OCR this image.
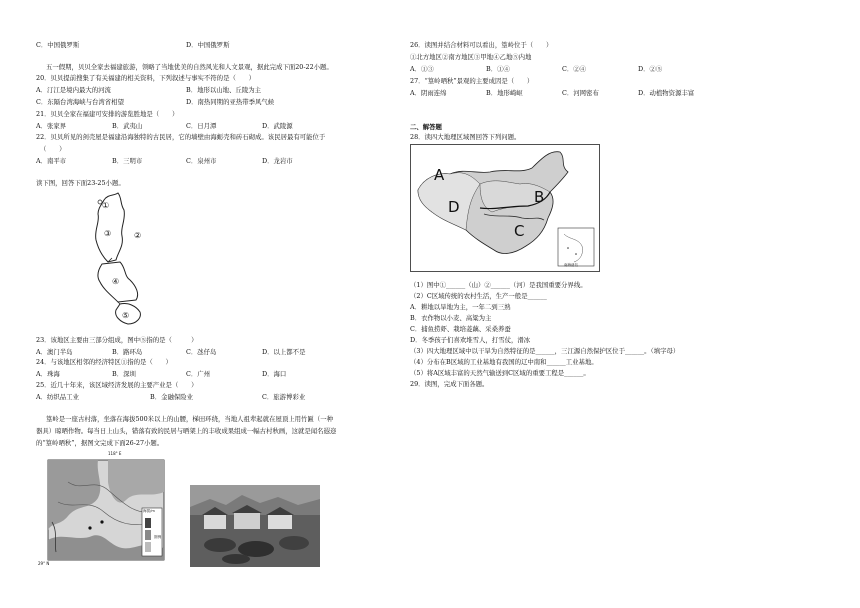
C．中国俄罗斯	D．中国俄罗斯
五一假期，贝贝全家去福建旅游，领略了当地优美的自然风光和人文景观，据此完成下面20-22小题。
20．贝贝提前搜集了有关福建的相关资料，下列叙述与事实不符的是（　　）
A．汀江是境内最大的河流	B．地形以山地、丘陵为主
C．东隔台湾海峡与台湾省相望	D．南热同期的亚热带季风气候
21．贝贝全家在福建可安排的游览胜地是（　　）
A．张家界	B．武夷山	C．日月潭	D．武陵源
22．贝贝所见的剑壳屋是福建沿海独特的古民居，它的墙壁由海蛎壳和砖石砌成。该民居最有可能位于
（　　）
A．南平市	B．三明市	C．泉州市	D．龙岩市
读下图，回答下面23-25小题。
①
②
③
④
⑤
23．该地区主要由三部分组成，图中⑤指的是（　　　）
A．澳门半岛	B．路环岛	C．氹仔岛	D．以上都不是
24．与该地区相邻的经济特区①指的是（　　）
A．珠海	B．深圳	C．广州	D．海口
25．近几十年来，该区域经济发展的主要产业是（　　）
A．纺织品工业	B．金融保险业	C．旅游博彩业
篁岭是一座古村落，坐落在海拔500米以上的山腰，梯田环绕，当地人祖辈起就在屋顶上用竹匾（一种
器具）晾晒作物。每当日上山头，错落有致的民居与晒架上的丰收成果组成一幅古村秋画，这就是闻名遐迩
的“篁岭晒秋”，据图文完成下面26-27小题。
118° E
29° N
海拔/m
图例
26．读图并结合材料可以看出，篁岭位于（　　）
①北方地区②南方地区③甲地④乙地⑤内地
A．①③	B．①④	C．②④	D．②⑤
27．“篁岭晒秋”景观的主要成因是（　　）
A．阴雨连绵	B．地形崎岖	C．河网密布	D．动植物资源丰富
二、解答题
28．读四大地理区域图回答下列问题。
A
B
C
D
南海诸岛
（1）图中①______（山）②______（河）是我国重要分界线。
（2）C区域传统的农村生活，生产一般是______
A．耕地以旱地为主，一年二到三熟
B．衣作物以小麦、高粱为主
C．捕鱼捞虾、栽培菱藕、采桑养蚕
D．冬季孩子们喜欢堆雪人，打雪仗，滑冰
（3）四大地理区域中以干旱为自然特征的是______，三江源自然保护区位于______。（填字母）
（4）分布在B区域的工业基地有我国的辽中南和______工业基地。
（5）将A区域丰富的天然气输送到C区域的重要工程是______。
29．读图，完成下面各题。
